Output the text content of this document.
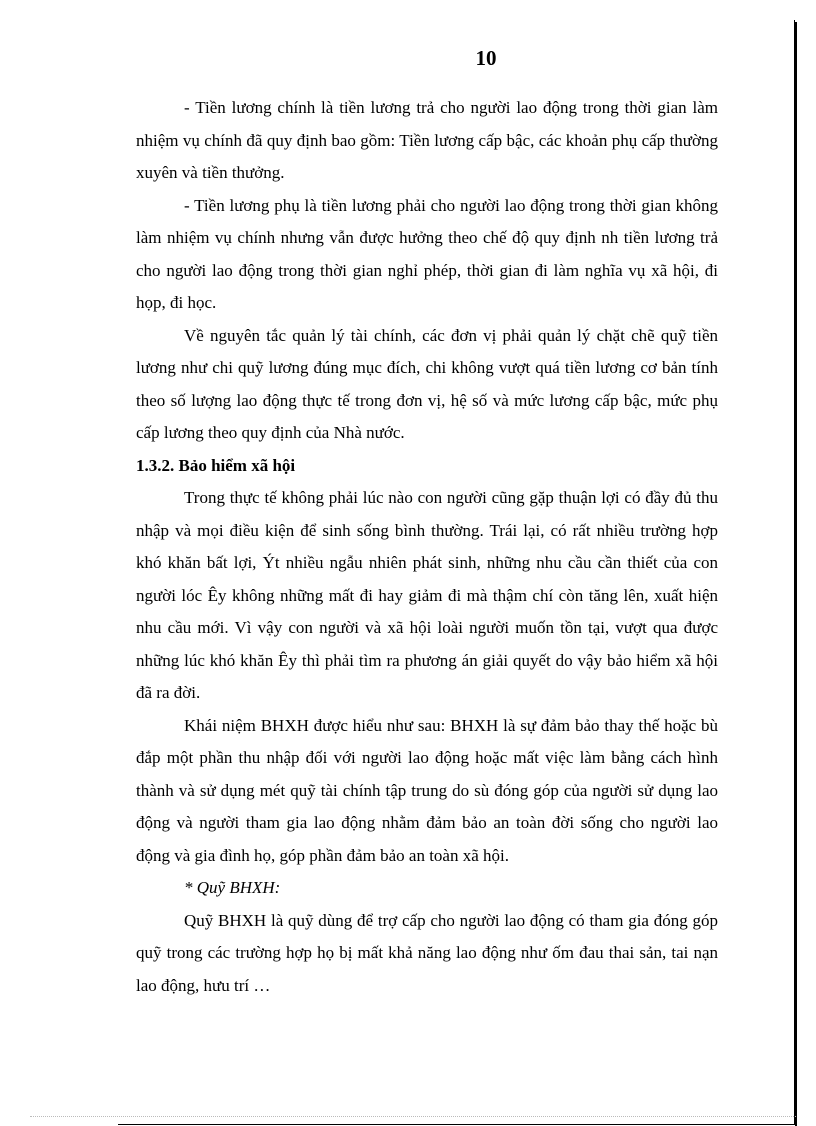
10

- Tiền lương chính là tiền lương trả cho người lao động trong thời gian làm nhiệm vụ chính đã quy định bao gồm: Tiền lương cấp bậc, các khoản phụ cấp thường xuyên và tiền thưởng.

- Tiền lương phụ là tiền lương phải cho người lao động trong thời gian không làm nhiệm vụ chính nhưng vẫn được hưởng theo chế độ quy định nh tiền lương trả cho người lao động trong thời gian nghỉ phép, thời gian đi làm nghĩa vụ xã hội, đi họp, đi học.

Về nguyên tắc quản lý tài chính, các đơn vị phải quản lý chặt chẽ quỹ tiền lương như chi quỹ lương đúng mục đích, chi không vượt quá tiền lương cơ bản tính theo số lượng lao động thực tế trong đơn vị, hệ số và mức lương cấp bậc, mức phụ cấp lương theo quy định của Nhà nước.

1.3.2. Bảo hiểm xã hội

Trong thực tế không phải lúc nào con người cũng gặp thuận lợi có đầy đủ thu nhập và mọi điều kiện để sinh sống bình thường. Trái lại, có rất nhiều trường hợp khó khăn bất lợi, Ýt nhiều ngẫu nhiên phát sinh, những nhu cầu cần thiết của con người lóc Êy không những mất đi hay giảm đi mà thậm chí còn tăng lên, xuất hiện nhu cầu mới. Vì vậy con người và xã hội loài người muốn tồn tại, vượt qua được những lúc khó khăn Êy thì phải tìm ra phương án giải quyết do vậy bảo hiểm xã hội đã ra đời.

Khái niệm BHXH được hiểu như sau: BHXH là sự đảm bảo thay thế hoặc bù đắp một phần thu nhập đối với người lao động hoặc mất việc làm bằng cách hình thành và sử dụng mét quỹ tài chính tập trung do sù đóng góp của người sử dụng lao động và người tham gia lao động nhằm đảm bảo an toàn đời sống cho người lao động và gia đình họ, góp phần đảm bảo an toàn xã hội.

* Quỹ BHXH:

Quỹ BHXH là quỹ dùng để trợ cấp cho người lao động có tham gia đóng góp quỹ trong các trường hợp họ bị mất khả năng lao động như ốm đau thai sản, tai nạn lao động, hưu trí …
